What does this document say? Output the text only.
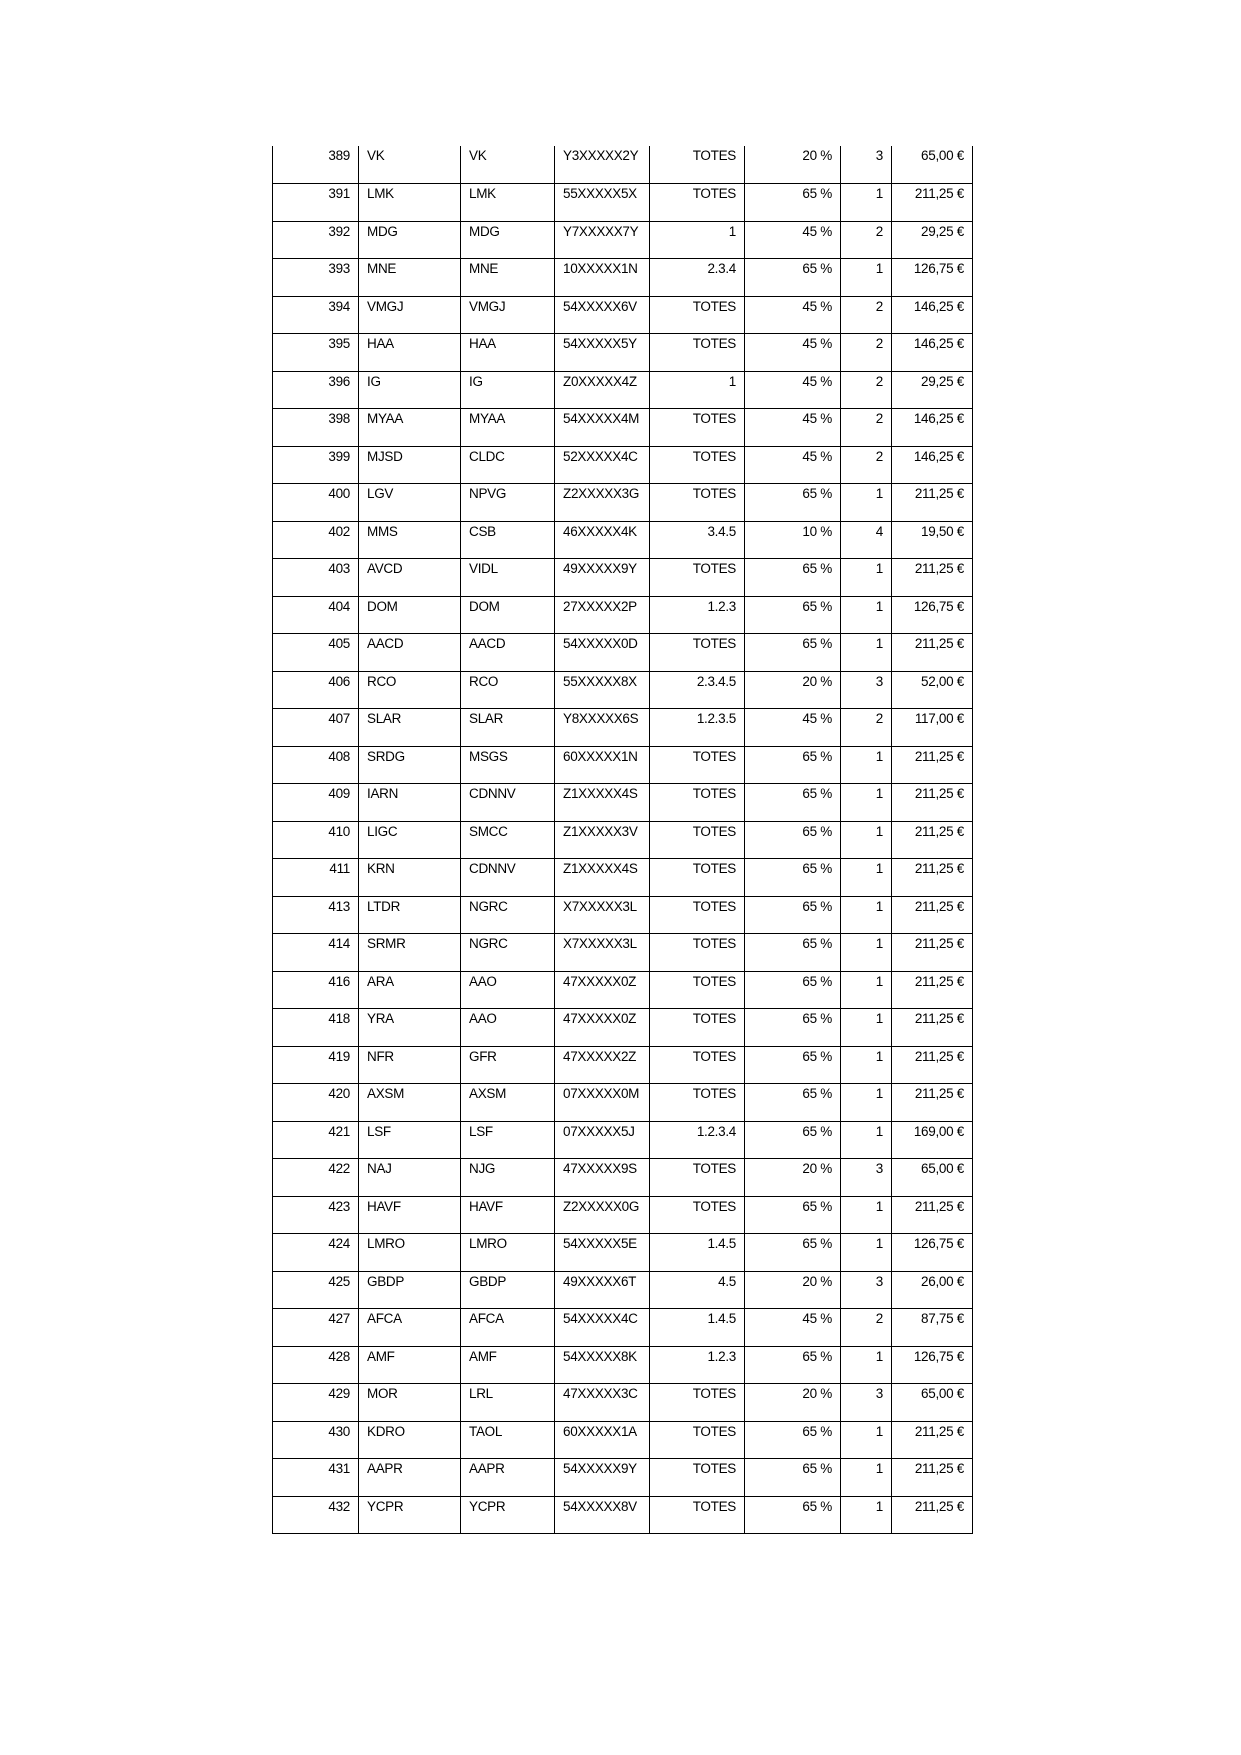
389	VK	VK	Y3XXXXX2Y	TOTES	20 %	3	65,00 €
391	LMK	LMK	55XXXXX5X	TOTES	65 %	1	211,25 €
392	MDG	MDG	Y7XXXXX7Y	1	45 %	2	29,25 €
393	MNE	MNE	10XXXXX1N	2.3.4	65 %	1	126,75 €
394	VMGJ	VMGJ	54XXXXX6V	TOTES	45 %	2	146,25 €
395	HAA	HAA	54XXXXX5Y	TOTES	45 %	2	146,25 €
396	IG	IG	Z0XXXXX4Z	1	45 %	2	29,25 €
398	MYAA	MYAA	54XXXXX4M	TOTES	45 %	2	146,25 €
399	MJSD	CLDC	52XXXXX4C	TOTES	45 %	2	146,25 €
400	LGV	NPVG	Z2XXXXX3G	TOTES	65 %	1	211,25 €
402	MMS	CSB	46XXXXX4K	3.4.5	10 %	4	19,50 €
403	AVCD	VIDL	49XXXXX9Y	TOTES	65 %	1	211,25 €
404	DOM	DOM	27XXXXX2P	1.2.3	65 %	1	126,75 €
405	AACD	AACD	54XXXXX0D	TOTES	65 %	1	211,25 €
406	RCO	RCO	55XXXXX8X	2.3.4.5	20 %	3	52,00 €
407	SLAR	SLAR	Y8XXXXX6S	1.2.3.5	45 %	2	117,00 €
408	SRDG	MSGS	60XXXXX1N	TOTES	65 %	1	211,25 €
409	IARN	CDNNV	Z1XXXXX4S	TOTES	65 %	1	211,25 €
410	LIGC	SMCC	Z1XXXXX3V	TOTES	65 %	1	211,25 €
411	KRN	CDNNV	Z1XXXXX4S	TOTES	65 %	1	211,25 €
413	LTDR	NGRC	X7XXXXX3L	TOTES	65 %	1	211,25 €
414	SRMR	NGRC	X7XXXXX3L	TOTES	65 %	1	211,25 €
416	ARA	AAO	47XXXXX0Z	TOTES	65 %	1	211,25 €
418	YRA	AAO	47XXXXX0Z	TOTES	65 %	1	211,25 €
419	NFR	GFR	47XXXXX2Z	TOTES	65 %	1	211,25 €
420	AXSM	AXSM	07XXXXX0M	TOTES	65 %	1	211,25 €
421	LSF	LSF	07XXXXX5J	1.2.3.4	65 %	1	169,00 €
422	NAJ	NJG	47XXXXX9S	TOTES	20 %	3	65,00 €
423	HAVF	HAVF	Z2XXXXX0G	TOTES	65 %	1	211,25 €
424	LMRO	LMRO	54XXXXX5E	1.4.5	65 %	1	126,75 €
425	GBDP	GBDP	49XXXXX6T	4.5	20 %	3	26,00 €
427	AFCA	AFCA	54XXXXX4C	1.4.5	45 %	2	87,75 €
428	AMF	AMF	54XXXXX8K	1.2.3	65 %	1	126,75 €
429	MOR	LRL	47XXXXX3C	TOTES	20 %	3	65,00 €
430	KDRO	TAOL	60XXXXX1A	TOTES	65 %	1	211,25 €
431	AAPR	AAPR	54XXXXX9Y	TOTES	65 %	1	211,25 €
432	YCPR	YCPR	54XXXXX8V	TOTES	65 %	1	211,25 €
